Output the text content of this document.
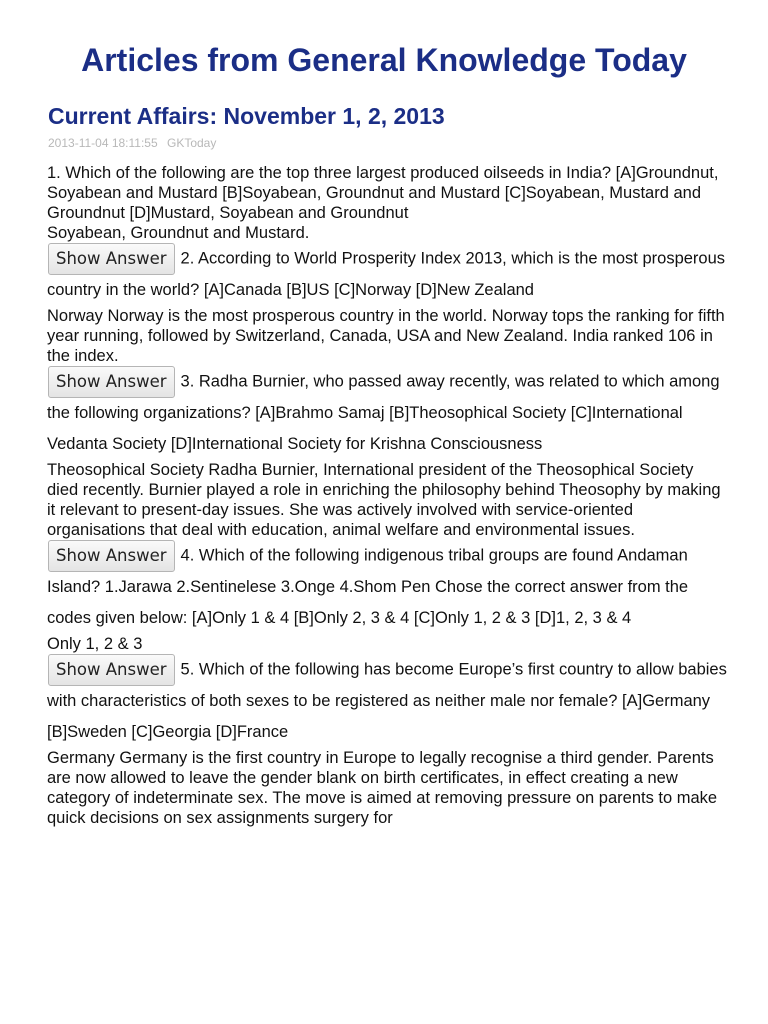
Articles from General Knowledge Today
Current Affairs: November 1, 2, 2013
2013-11-04 18:11:55 GKToday

1. Which of the following are the top three largest produced oilseeds in India? [A]Groundnut, Soyabean and Mustard [B]Soyabean, Groundnut and Mustard [C]Soyabean, Mustard and Groundnut [D]Mustard, Soyabean and Groundnut

Soyabean, Groundnut and Mustard.

Show Answer 2. According to World Prosperity Index 2013, which is the most prosperous country in the world? [A]Canada [B]US [C]Norway [D]New Zealand

Norway Norway is the most prosperous country in the world. Norway tops the ranking for fifth year running, followed by Switzerland, Canada, USA and New Zealand. India ranked 106 in the index.

Show Answer 3. Radha Burnier, who passed away recently, was related to which among the following organizations? [A]Brahmo Samaj [B]Theosophical Society [C]International Vedanta Society [D]International Society for Krishna Consciousness

Theosophical Society Radha Burnier, International president of the Theosophical Society died recently. Burnier played a role in enriching the philosophy behind Theosophy by making it relevant to present-day issues. She was actively involved with service-oriented organisations that deal with education, animal welfare and environmental issues.

Show Answer 4. Which of the following indigenous tribal groups are found Andaman Island? 1.Jarawa 2.Sentinelese 3.Onge 4.Shom Pen Chose the correct answer from the codes given below: [A]Only 1 & 4 [B]Only 2, 3 & 4 [C]Only 1, 2 & 3 [D]1, 2, 3 & 4

Only 1, 2 & 3

Show Answer 5. Which of the following has become Europe’s first country to allow babies with characteristics of both sexes to be registered as neither male nor female? [A]Germany [B]Sweden [C]Georgia [D]France

Germany Germany is the first country in Europe to legally recognise a third gender. Parents are now allowed to leave the gender blank on birth certificates, in effect creating a new category of indeterminate sex. The move is aimed at removing pressure on parents to make quick decisions on sex assignments surgery for
